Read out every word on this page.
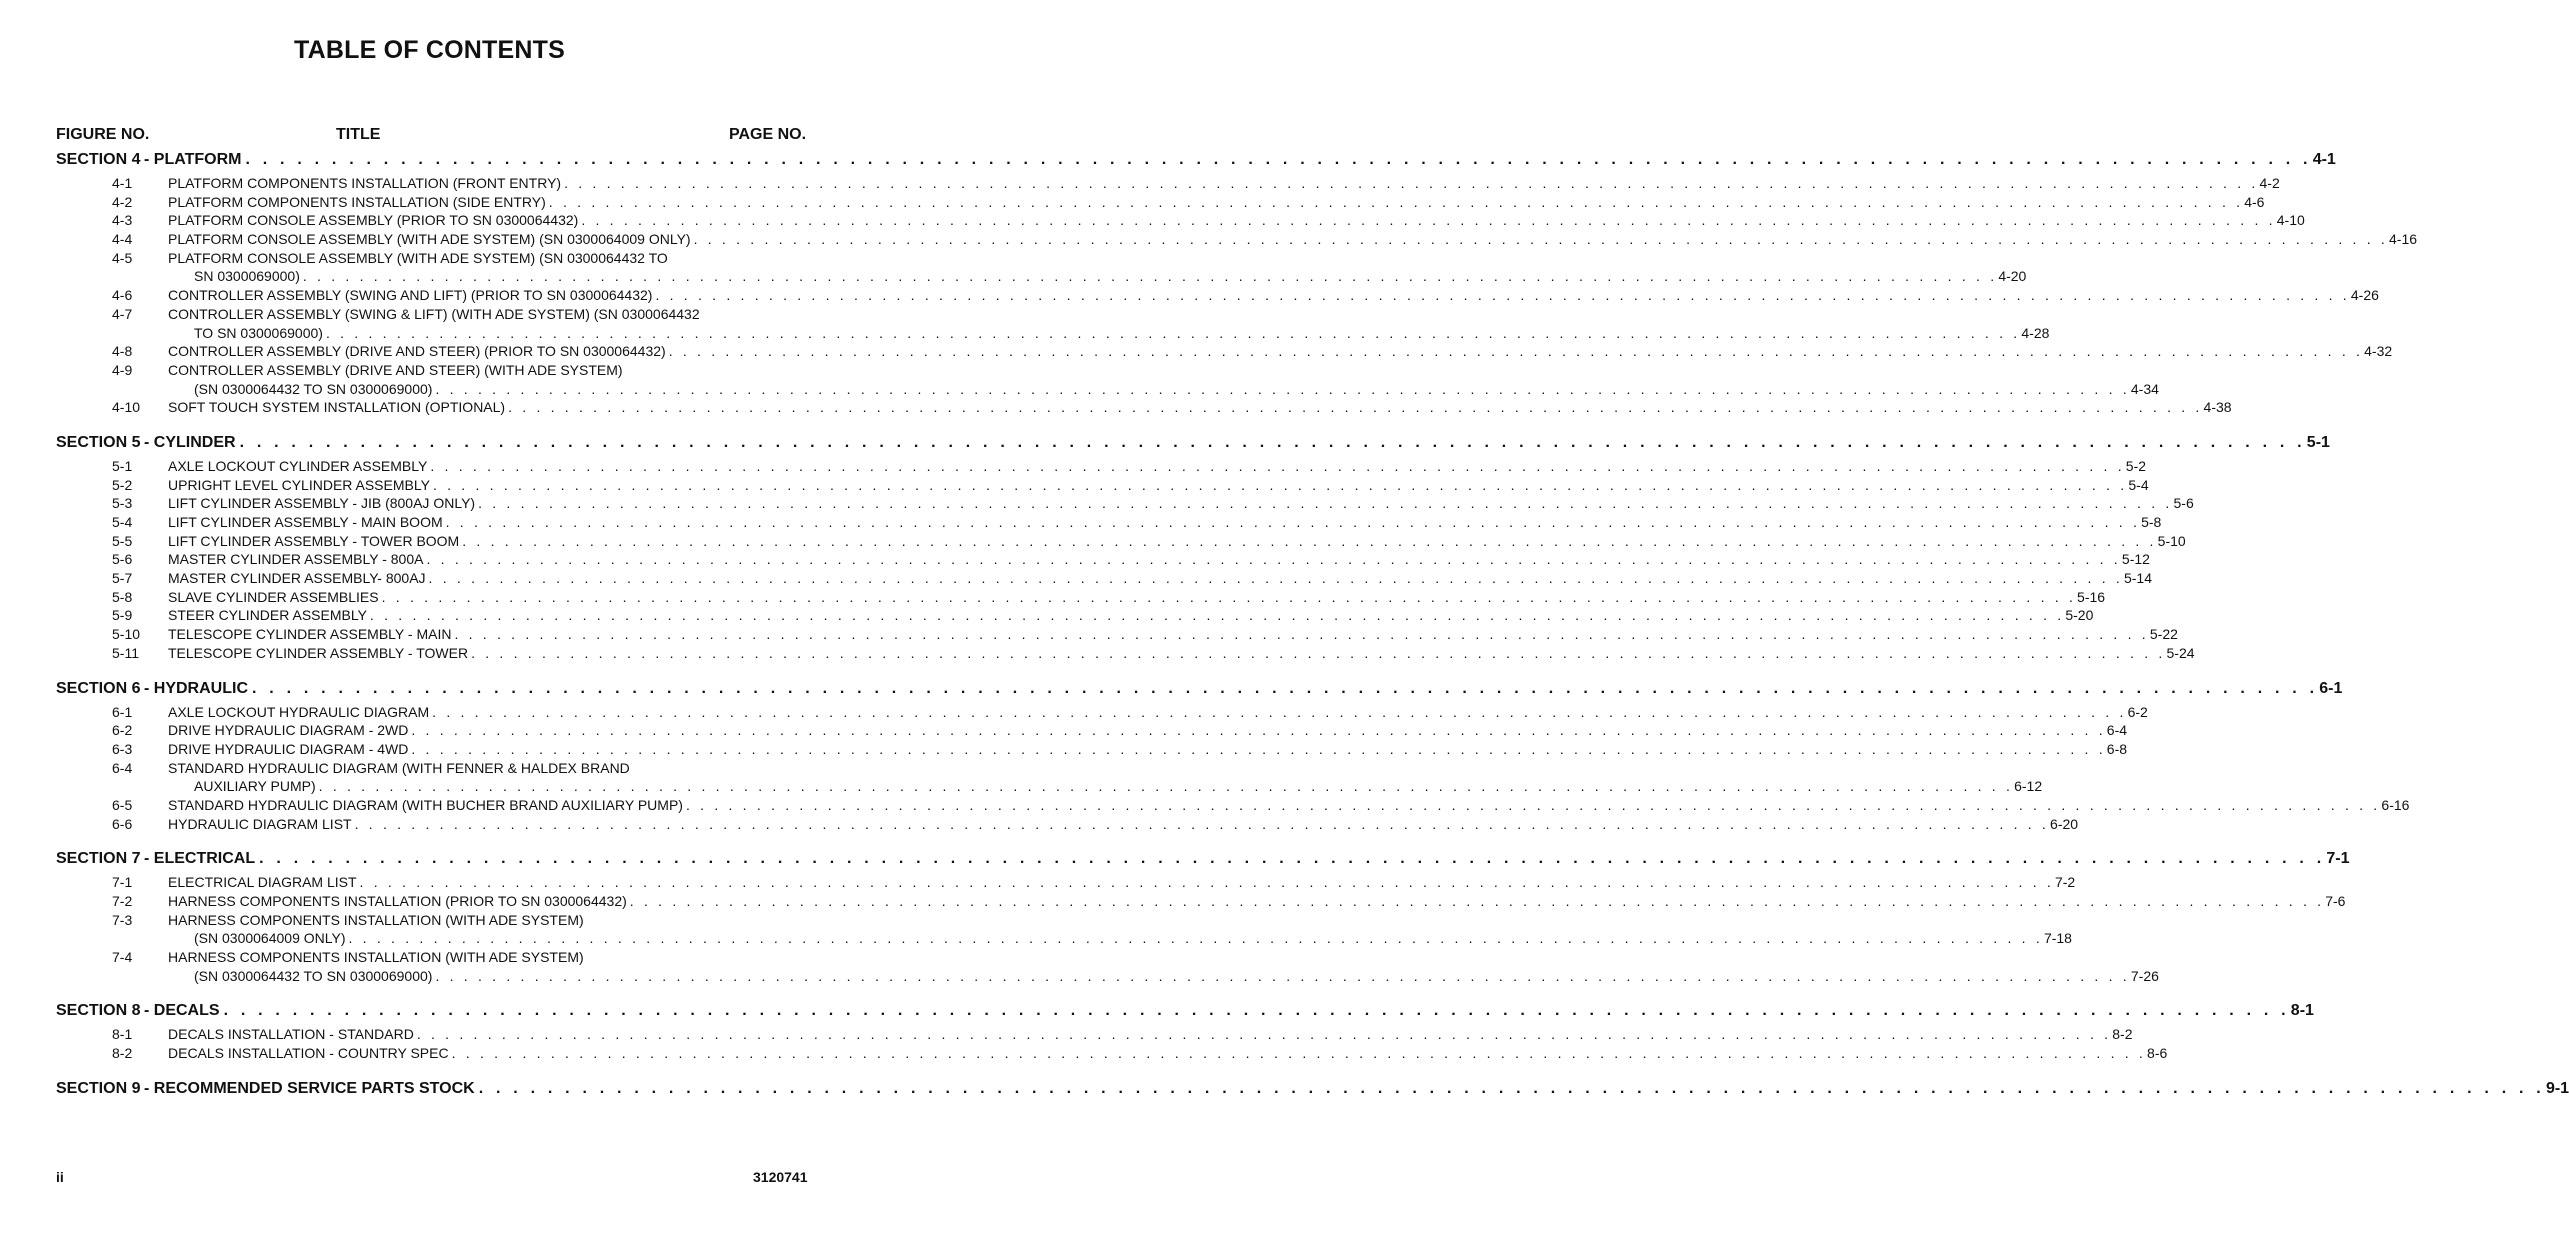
TABLE OF CONTENTS
FIGURE NO.	TITLE	PAGE NO.
SECTION 4 - PLATFORM . . . . . . . . . . . . . . . . . . . . . . . . . . . . . . . . . . . . . . . . . . . . . . . . . . . . . . . . . . . . . . . . . . . . . . . . . . . . . . . . . . . . . . . . . . . . . . . . . . . . . . . . . . . . . . . . . . . . . . . . 4-1
4-1	PLATFORM COMPONENTS INSTALLATION (FRONT ENTRY) . . . . . . . . . . . . . . . . . . . . . . . . . . . . . . . . . . . . . . . . . . . . . . . . . . . . . . . . . . . . . . . . . . . . . . . . . . . . . . . . . . . . . . . . . . . . . . . . . . . . . . . . . . . . . . . . . . . . . . . . 4-2
4-2	PLATFORM COMPONENTS INSTALLATION (SIDE ENTRY) . . . . . . . . . . . . . . . . . . . . . . . . . . . . . . . . . . . . . . . . . . . . . . . . . . . . . . . . . . . . . . . . . . . . . . . . . . . . . . . . . . . . . . . . . . . . . . . . . . . . . . . . . . . . . . . . . . . . . . . . 4-6
4-3	PLATFORM CONSOLE ASSEMBLY (PRIOR TO SN 0300064432) . . . . . . . . . . . . . . . . . . . . . . . . . . . . . . . . . . . . . . . . . . . . . . . . . . . . . . . . . . . . . . . . . . . . . . . . . . . . . . . . . . . . . . . . . . . . . . . . . . . . . . . . . . . . . . . . . . . . . . . . 4-10
4-4	PLATFORM CONSOLE ASSEMBLY (WITH ADE SYSTEM) (SN 0300064009 ONLY) . . . . . . . . . . . . . . . . . . . . . . . . . . . . . . . . . . . . . . . . . . . . . . . . . . . . . . . . . . . . . . . . . . . . . . . . . . . . . . . . . . . . . . . . . . . . . . . . . . . . . . . . . . . . . . . . . . . . . . . . 4-16
4-5	PLATFORM CONSOLE ASSEMBLY (WITH ADE SYSTEM) (SN 0300064432 TO
SN 0300069000) . . . . . . . . . . . . . . . . . . . . . . . . . . . . . . . . . . . . . . . . . . . . . . . . . . . . . . . . . . . . . . . . . . . . . . . . . . . . . . . . . . . . . . . . . . . . . . . . . . . . . . . . . . . . . . . . . . . . . . . . 4-20
4-6	CONTROLLER ASSEMBLY (SWING AND LIFT) (PRIOR TO SN 0300064432) . . . . . . . . . . . . . . . . . . . . . . . . . . . . . . . . . . . . . . . . . . . . . . . . . . . . . . . . . . . . . . . . . . . . . . . . . . . . . . . . . . . . . . . . . . . . . . . . . . . . . . . . . . . . . . . . . . . . . . . . 4-26
4-7	CONTROLLER ASSEMBLY (SWING & LIFT) (WITH ADE SYSTEM) (SN 0300064432
TO SN 0300069000) . . . . . . . . . . . . . . . . . . . . . . . . . . . . . . . . . . . . . . . . . . . . . . . . . . . . . . . . . . . . . . . . . . . . . . . . . . . . . . . . . . . . . . . . . . . . . . . . . . . . . . . . . . . . . . . . . . . . . . . . 4-28
4-8	CONTROLLER ASSEMBLY (DRIVE AND STEER) (PRIOR TO SN 0300064432) . . . . . . . . . . . . . . . . . . . . . . . . . . . . . . . . . . . . . . . . . . . . . . . . . . . . . . . . . . . . . . . . . . . . . . . . . . . . . . . . . . . . . . . . . . . . . . . . . . . . . . . . . . . . . . . . . . . . . . . . 4-32
4-9	CONTROLLER ASSEMBLY (DRIVE AND STEER) (WITH ADE SYSTEM)
(SN 0300064432 TO SN 0300069000) . . . . . . . . . . . . . . . . . . . . . . . . . . . . . . . . . . . . . . . . . . . . . . . . . . . . . . . . . . . . . . . . . . . . . . . . . . . . . . . . . . . . . . . . . . . . . . . . . . . . . . . . . . . . . . . . . . . . . . . . 4-34
4-10	SOFT TOUCH SYSTEM INSTALLATION (OPTIONAL) . . . . . . . . . . . . . . . . . . . . . . . . . . . . . . . . . . . . . . . . . . . . . . . . . . . . . . . . . . . . . . . . . . . . . . . . . . . . . . . . . . . . . . . . . . . . . . . . . . . . . . . . . . . . . . . . . . . . . . . . 4-38
SECTION 5 - CYLINDER . . . . . . . . . . . . . . . . . . . . . . . . . . . . . . . . . . . . . . . . . . . . . . . . . . . . . . . . . . . . . . . . . . . . . . . . . . . . . . . . . . . . . . . . . . . . . . . . . . . . . . . . . . . . . . . . . . . . . . . . 5-1
5-1	AXLE LOCKOUT CYLINDER ASSEMBLY . . . . . . . . . . . . . . . . . . . . . . . . . . . . . . . . . . . . . . . . . . . . . . . . . . . . . . . . . . . . . . . . . . . . . . . . . . . . . . . . . . . . . . . . . . . . . . . . . . . . . . . . . . . . . . . . . . . . . . . . 5-2
5-2	UPRIGHT LEVEL CYLINDER ASSEMBLY . . . . . . . . . . . . . . . . . . . . . . . . . . . . . . . . . . . . . . . . . . . . . . . . . . . . . . . . . . . . . . . . . . . . . . . . . . . . . . . . . . . . . . . . . . . . . . . . . . . . . . . . . . . . . . . . . . . . . . . . 5-4
5-3	LIFT CYLINDER ASSEMBLY - JIB (800AJ ONLY) . . . . . . . . . . . . . . . . . . . . . . . . . . . . . . . . . . . . . . . . . . . . . . . . . . . . . . . . . . . . . . . . . . . . . . . . . . . . . . . . . . . . . . . . . . . . . . . . . . . . . . . . . . . . . . . . . . . . . . . . 5-6
5-4	LIFT CYLINDER ASSEMBLY - MAIN BOOM . . . . . . . . . . . . . . . . . . . . . . . . . . . . . . . . . . . . . . . . . . . . . . . . . . . . . . . . . . . . . . . . . . . . . . . . . . . . . . . . . . . . . . . . . . . . . . . . . . . . . . . . . . . . . . . . . . . . . . . . 5-8
5-5	LIFT CYLINDER ASSEMBLY - TOWER BOOM . . . . . . . . . . . . . . . . . . . . . . . . . . . . . . . . . . . . . . . . . . . . . . . . . . . . . . . . . . . . . . . . . . . . . . . . . . . . . . . . . . . . . . . . . . . . . . . . . . . . . . . . . . . . . . . . . . . . . . . . 5-10
5-6	MASTER CYLINDER ASSEMBLY - 800A . . . . . . . . . . . . . . . . . . . . . . . . . . . . . . . . . . . . . . . . . . . . . . . . . . . . . . . . . . . . . . . . . . . . . . . . . . . . . . . . . . . . . . . . . . . . . . . . . . . . . . . . . . . . . . . . . . . . . . . . 5-12
5-7	MASTER CYLINDER ASSEMBLY- 800AJ . . . . . . . . . . . . . . . . . . . . . . . . . . . . . . . . . . . . . . . . . . . . . . . . . . . . . . . . . . . . . . . . . . . . . . . . . . . . . . . . . . . . . . . . . . . . . . . . . . . . . . . . . . . . . . . . . . . . . . . . 5-14
5-8	SLAVE CYLINDER ASSEMBLIES . . . . . . . . . . . . . . . . . . . . . . . . . . . . . . . . . . . . . . . . . . . . . . . . . . . . . . . . . . . . . . . . . . . . . . . . . . . . . . . . . . . . . . . . . . . . . . . . . . . . . . . . . . . . . . . . . . . . . . . . 5-16
5-9	STEER CYLINDER ASSEMBLY . . . . . . . . . . . . . . . . . . . . . . . . . . . . . . . . . . . . . . . . . . . . . . . . . . . . . . . . . . . . . . . . . . . . . . . . . . . . . . . . . . . . . . . . . . . . . . . . . . . . . . . . . . . . . . . . . . . . . . . . 5-20
5-10	TELESCOPE CYLINDER ASSEMBLY - MAIN . . . . . . . . . . . . . . . . . . . . . . . . . . . . . . . . . . . . . . . . . . . . . . . . . . . . . . . . . . . . . . . . . . . . . . . . . . . . . . . . . . . . . . . . . . . . . . . . . . . . . . . . . . . . . . . . . . . . . . . . 5-22
5-11	TELESCOPE CYLINDER ASSEMBLY - TOWER . . . . . . . . . . . . . . . . . . . . . . . . . . . . . . . . . . . . . . . . . . . . . . . . . . . . . . . . . . . . . . . . . . . . . . . . . . . . . . . . . . . . . . . . . . . . . . . . . . . . . . . . . . . . . . . . . . . . . . . . 5-24
SECTION 6 - HYDRAULIC . . . . . . . . . . . . . . . . . . . . . . . . . . . . . . . . . . . . . . . . . . . . . . . . . . . . . . . . . . . . . . . . . . . . . . . . . . . . . . . . . . . . . . . . . . . . . . . . . . . . . . . . . . . . . . . . . . . . . . . . 6-1
6-1	AXLE LOCKOUT HYDRAULIC DIAGRAM . . . . . . . . . . . . . . . . . . . . . . . . . . . . . . . . . . . . . . . . . . . . . . . . . . . . . . . . . . . . . . . . . . . . . . . . . . . . . . . . . . . . . . . . . . . . . . . . . . . . . . . . . . . . . . . . . . . . . . . . 6-2
6-2	DRIVE HYDRAULIC DIAGRAM - 2WD . . . . . . . . . . . . . . . . . . . . . . . . . . . . . . . . . . . . . . . . . . . . . . . . . . . . . . . . . . . . . . . . . . . . . . . . . . . . . . . . . . . . . . . . . . . . . . . . . . . . . . . . . . . . . . . . . . . . . . . . 6-4
6-3	DRIVE HYDRAULIC DIAGRAM - 4WD . . . . . . . . . . . . . . . . . . . . . . . . . . . . . . . . . . . . . . . . . . . . . . . . . . . . . . . . . . . . . . . . . . . . . . . . . . . . . . . . . . . . . . . . . . . . . . . . . . . . . . . . . . . . . . . . . . . . . . . . 6-8
6-4	STANDARD HYDRAULIC DIAGRAM (WITH FENNER & HALDEX BRAND
AUXILIARY PUMP) . . . . . . . . . . . . . . . . . . . . . . . . . . . . . . . . . . . . . . . . . . . . . . . . . . . . . . . . . . . . . . . . . . . . . . . . . . . . . . . . . . . . . . . . . . . . . . . . . . . . . . . . . . . . . . . . . . . . . . . . 6-12
6-5	STANDARD HYDRAULIC DIAGRAM (WITH BUCHER BRAND AUXILIARY PUMP) . . . . . . . . . . . . . . . . . . . . . . . . . . . . . . . . . . . . . . . . . . . . . . . . . . . . . . . . . . . . . . . . . . . . . . . . . . . . . . . . . . . . . . . . . . . . . . . . . . . . . . . . . . . . . . . . . . . . . . . . 6-16
6-6	HYDRAULIC DIAGRAM LIST . . . . . . . . . . . . . . . . . . . . . . . . . . . . . . . . . . . . . . . . . . . . . . . . . . . . . . . . . . . . . . . . . . . . . . . . . . . . . . . . . . . . . . . . . . . . . . . . . . . . . . . . . . . . . . . . . . . . . . . . 6-20
SECTION 7 - ELECTRICAL . . . . . . . . . . . . . . . . . . . . . . . . . . . . . . . . . . . . . . . . . . . . . . . . . . . . . . . . . . . . . . . . . . . . . . . . . . . . . . . . . . . . . . . . . . . . . . . . . . . . . . . . . . . . . . . . . . . . . . . . 7-1
7-1	ELECTRICAL DIAGRAM LIST . . . . . . . . . . . . . . . . . . . . . . . . . . . . . . . . . . . . . . . . . . . . . . . . . . . . . . . . . . . . . . . . . . . . . . . . . . . . . . . . . . . . . . . . . . . . . . . . . . . . . . . . . . . . . . . . . . . . . . . . 7-2
7-2	HARNESS COMPONENTS INSTALLATION (PRIOR TO SN 0300064432) . . . . . . . . . . . . . . . . . . . . . . . . . . . . . . . . . . . . . . . . . . . . . . . . . . . . . . . . . . . . . . . . . . . . . . . . . . . . . . . . . . . . . . . . . . . . . . . . . . . . . . . . . . . . . . . . . . . . . . . . 7-6
7-3	HARNESS COMPONENTS INSTALLATION (WITH ADE SYSTEM)
(SN 0300064009 ONLY) . . . . . . . . . . . . . . . . . . . . . . . . . . . . . . . . . . . . . . . . . . . . . . . . . . . . . . . . . . . . . . . . . . . . . . . . . . . . . . . . . . . . . . . . . . . . . . . . . . . . . . . . . . . . . . . . . . . . . . . . 7-18
7-4	HARNESS COMPONENTS INSTALLATION (WITH ADE SYSTEM)
(SN 0300064432 TO SN 0300069000) . . . . . . . . . . . . . . . . . . . . . . . . . . . . . . . . . . . . . . . . . . . . . . . . . . . . . . . . . . . . . . . . . . . . . . . . . . . . . . . . . . . . . . . . . . . . . . . . . . . . . . . . . . . . . . . . . . . . . . . . 7-26
SECTION 8 - DECALS . . . . . . . . . . . . . . . . . . . . . . . . . . . . . . . . . . . . . . . . . . . . . . . . . . . . . . . . . . . . . . . . . . . . . . . . . . . . . . . . . . . . . . . . . . . . . . . . . . . . . . . . . . . . . . . . . . . . . . . . 8-1
8-1	DECALS INSTALLATION - STANDARD . . . . . . . . . . . . . . . . . . . . . . . . . . . . . . . . . . . . . . . . . . . . . . . . . . . . . . . . . . . . . . . . . . . . . . . . . . . . . . . . . . . . . . . . . . . . . . . . . . . . . . . . . . . . . . . . . . . . . . . . 8-2
8-2	DECALS INSTALLATION - COUNTRY SPEC . . . . . . . . . . . . . . . . . . . . . . . . . . . . . . . . . . . . . . . . . . . . . . . . . . . . . . . . . . . . . . . . . . . . . . . . . . . . . . . . . . . . . . . . . . . . . . . . . . . . . . . . . . . . . . . . . . . . . . . . 8-6
SECTION 9 - RECOMMENDED SERVICE PARTS STOCK . . . . . . . . . . . . . . . . . . . . . . . . . . . . . . . . . . . . . . . . . . . . . . . . . . . . . . . . . . . . . . . . . . . . . . . . . . . . . . . . . . . . . . . . . . . . . . . . . . . . . . . . . . . . . . . . . . . . . . . . 9-1
ii	3120741
